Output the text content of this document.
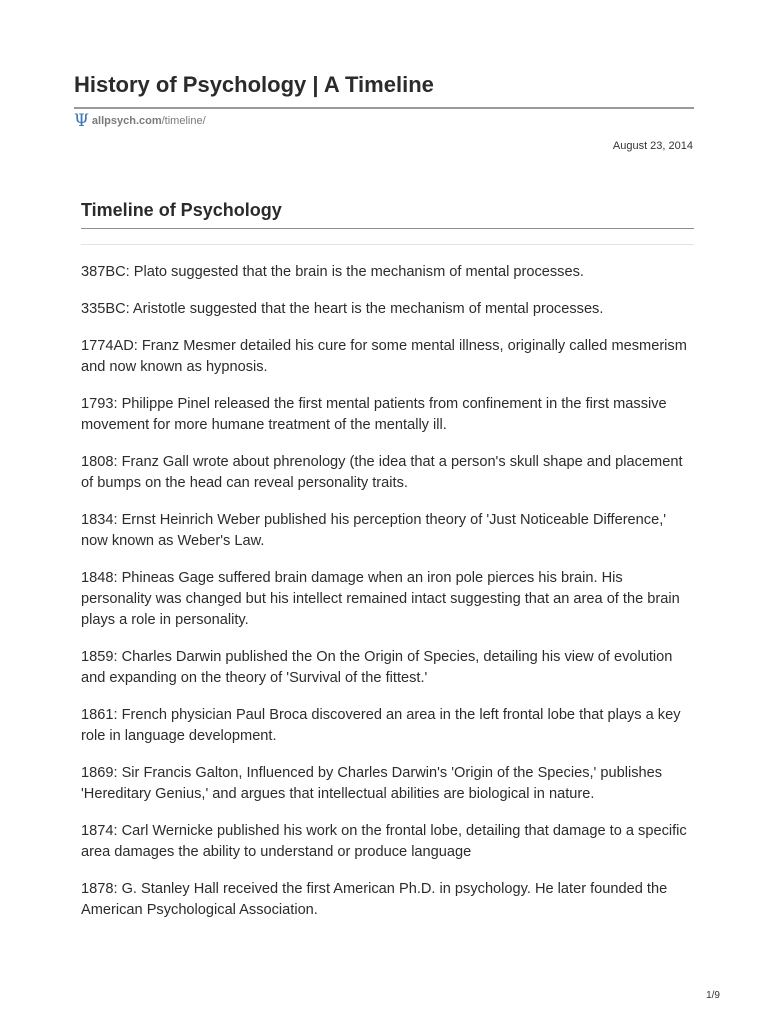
History of Psychology | A Timeline
Ψ allpsych.com /timeline/
August 23, 2014
Timeline of Psychology
387BC: Plato suggested that the brain is the mechanism of mental processes.
335BC: Aristotle suggested that the heart is the mechanism of mental processes.
1774AD: Franz Mesmer detailed his cure for some mental illness, originally called mesmerism and now known as hypnosis.
1793: Philippe Pinel released the first mental patients from confinement in the first massive movement for more humane treatment of the mentally ill.
1808: Franz Gall wrote about phrenology (the idea that a person's skull shape and placement of bumps on the head can reveal personality traits.
1834: Ernst Heinrich Weber published his perception theory of 'Just Noticeable Difference,' now known as Weber's Law.
1848: Phineas Gage suffered brain damage when an iron pole pierces his brain. His personality was changed but his intellect remained intact suggesting that an area of the brain plays a role in personality.
1859: Charles Darwin published the On the Origin of Species, detailing his view of evolution and expanding on the theory of 'Survival of the fittest.'
1861: French physician Paul Broca discovered an area in the left frontal lobe that plays a key role in language development.
1869: Sir Francis Galton, Influenced by Charles Darwin's 'Origin of the Species,' publishes 'Hereditary Genius,' and argues that intellectual abilities are biological in nature.
1874: Carl Wernicke published his work on the frontal lobe, detailing that damage to a specific area damages the ability to understand or produce language
1878: G. Stanley Hall received the first American Ph.D. in psychology. He later founded the American Psychological Association.
1/9
